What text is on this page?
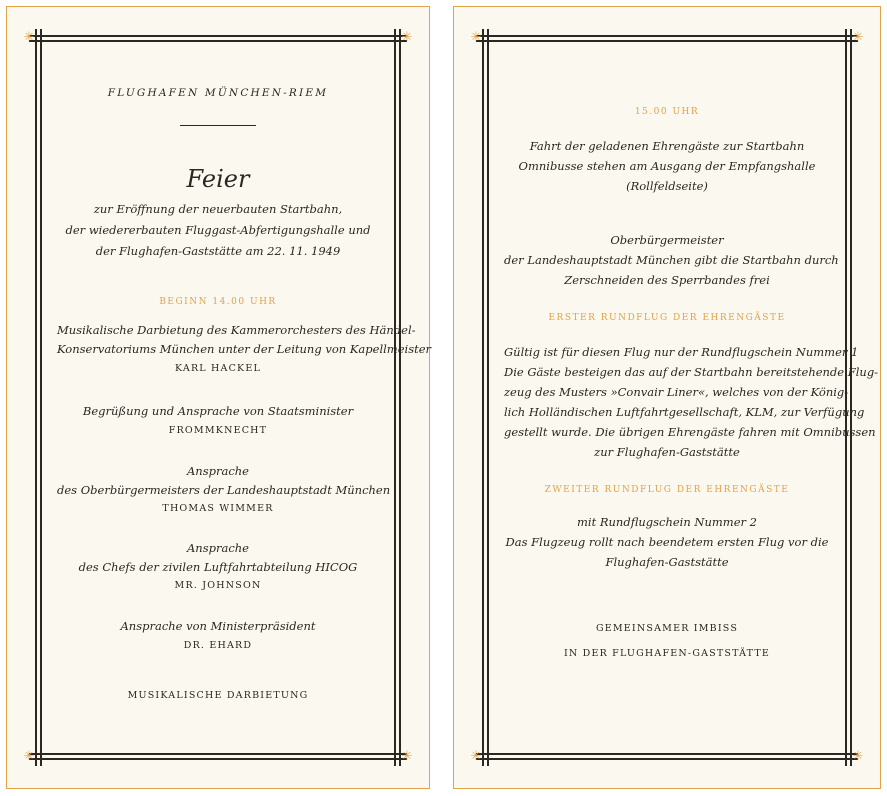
✳	✳
✳	✳
FLUGHAFEN MÜNCHEN-RIEM
Feier
zur Eröffnung der neuerbauten Startbahn,
der wiedererbauten Fluggast-Abfertigungshalle und
der Flughafen-Gaststätte am 22. 11. 1949
BEGINN 14.00 UHR
Musikalische Darbietung des Kammerorchesters des Händel-
Konservatoriums München unter der Leitung von Kapellmeister
KARL HACKEL
Begrüßung und Ansprache von Staatsminister
FROMMKNECHT
Ansprache
des Oberbürgermeisters der Landeshauptstadt München
THOMAS WIMMER
Ansprache
des Chefs der zivilen Luftfahrtabteilung HICOG
MR. JOHNSON
Ansprache von Ministerpräsident
DR. EHARD
MUSIKALISCHE DARBIETUNG
✳	✳
✳	✳
15.00 UHR
Fahrt der geladenen Ehrengäste zur Startbahn
Omnibusse stehen am Ausgang der Empfangshalle
(Rollfeldseite)
Oberbürgermeister
der Landeshauptstadt München gibt die Startbahn durch
Zerschneiden des Sperrbandes frei
ERSTER RUNDFLUG DER EHRENGÄSTE
Gültig ist für diesen Flug nur der Rundflugschein Nummer 1
Die Gäste besteigen das auf der Startbahn bereitstehende Flug-
zeug des Musters »Convair Liner«, welches von der König-
lich Holländischen Luftfahrtgesellschaft, KLM, zur Verfügung
gestellt wurde. Die übrigen Ehrengäste fahren mit Omnibussen
zur Flughafen-Gaststätte
ZWEITER RUNDFLUG DER EHRENGÄSTE
mit Rundflugschein Nummer 2
Das Flugzeug rollt nach beendetem ersten Flug vor die
Flughafen-Gaststätte
GEMEINSAMER IMBISS
IN DER FLUGHAFEN-GASTSTÄTTE
